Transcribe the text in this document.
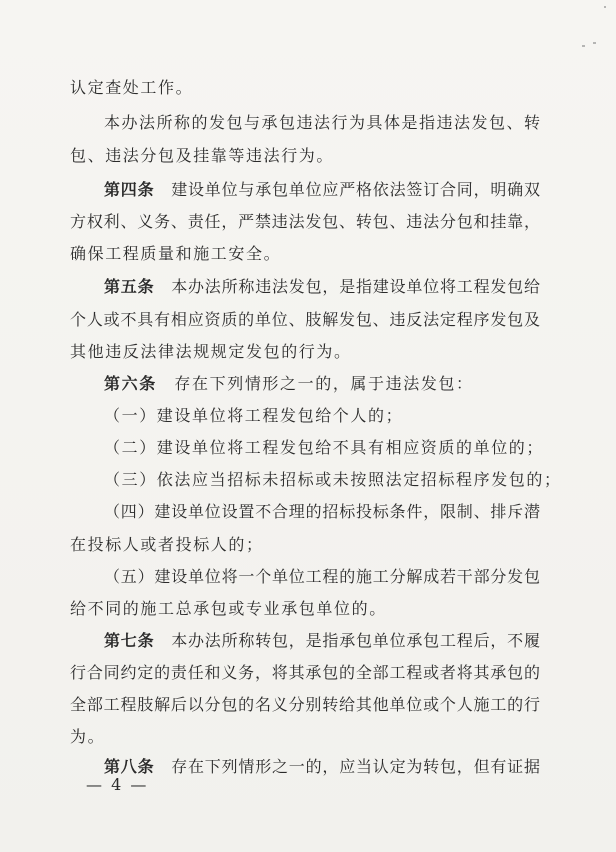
认定查处工作。
本办法所称的发包与承包违法行为具体是指违法发包、转
包、违法分包及挂靠等违法行为。
第四条  建设单位与承包单位应严格依法签订合同，明确双
方权利、义务、责任，严禁违法发包、转包、违法分包和挂靠，
确保工程质量和施工安全。
第五条  本办法所称违法发包，是指建设单位将工程发包给
个人或不具有相应资质的单位、肢解发包、违反法定程序发包及
其他违反法律法规规定发包的行为。
第六条  存在下列情形之一的，属于违法发包：
（一）建设单位将工程发包给个人的；
（二）建设单位将工程发包给不具有相应资质的单位的；
（三）依法应当招标未招标或未按照法定招标程序发包的；
（四）建设单位设置不合理的招标投标条件，限制、排斥潜
在投标人或者投标人的；
（五）建设单位将一个单位工程的施工分解成若干部分发包
给不同的施工总承包或专业承包单位的。
第七条  本办法所称转包，是指承包单位承包工程后，不履
行合同约定的责任和义务，将其承包的全部工程或者将其承包的
全部工程肢解后以分包的名义分别转给其他单位或个人施工的行
为。
第八条  存在下列情形之一的，应当认定为转包，但有证据
— 4 —
